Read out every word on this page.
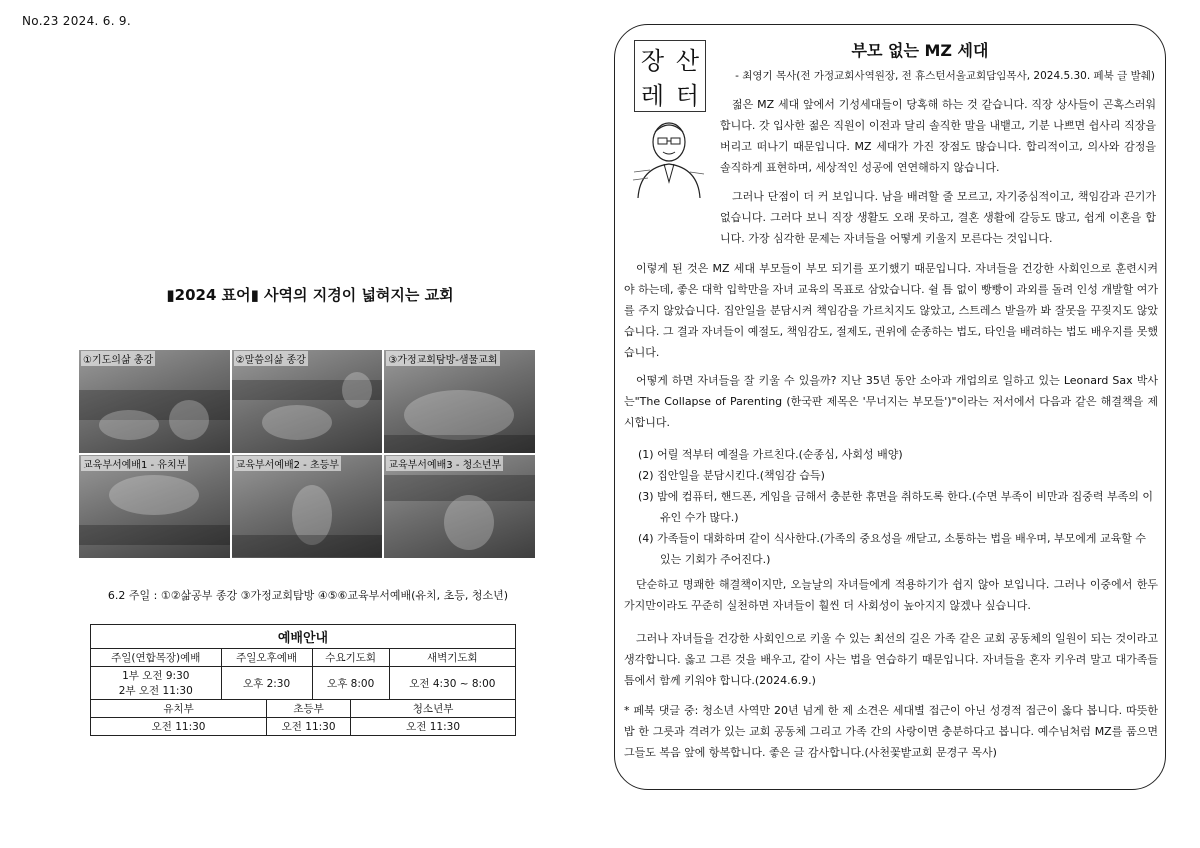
No.23 2024. 6. 9.
▮2024 표어▮ 사역의 지경이 넓혀지는 교회
①기도의삶 총강	②말씀의삶 종강	③가정교회탐방-샘물교회
교육부서예배1 - 유치부	교육부서예배2 - 초등부	교육부서예배3 - 청소년부
6.2 주일 : ①②삶공부 종강 ③가정교회탐방 ④⑤⑥교육부서예배(유치, 초등, 청소년)
예배안내					
주일(연합목장)예배	주일오후예배		수요기도회		새벽기도회

1부 오전 9:30
2부 오전 11:30	오후 2:30		오후 8:00		오전 4:30 ~ 8:00
유치부		초등부		청소년부	
오전 11:30		오전 11:30		오전 11:30	
장 산
레 터
부모 없는 MZ 세대
- 최영기 목사(전 가정교회사역원장, 전 휴스턴서울교회담임목사, 2024.5.30. 페북 글 발췌)

젊은 MZ 세대 앞에서 기성세대들이 당혹해 하는 것 같습니다. 직장 상사들이 곤혹스러워 합니다. 갓 입사한 젊은 직원이 이전과 달리 솔직한 말을 내뱉고, 기분 나쁘면 쉽사리 직장을 버리고 떠나기 때문입니다. MZ 세대가 가진 장점도 많습니다. 합리적이고, 의사와 감정을 솔직하게 표현하며, 세상적인 성공에 연연해하지 않습니다.

그러나 단점이 더 커 보입니다. 남을 배려할 줄 모르고, 자기중심적이고, 책임감과 끈기가 없습니다. 그러다 보니 직장 생활도 오래 못하고, 결혼 생활에 갈등도 많고, 쉽게 이혼을 합니다. 가장 심각한 문제는 자녀들을 어떻게 키울지 모른다는 것입니다.

이렇게 된 것은 MZ 세대 부모들이 부모 되기를 포기했기 때문입니다. 자녀들을 건강한 사회인으로 훈련시켜야 하는데, 좋은 대학 입학만을 자녀 교육의 목표로 삼았습니다. 쉴 틈 없이 빵빵이 과외를 돌려 인성 개발할 여가를 주지 않았습니다. 집안일을 분담시켜 책임감을 가르치지도 않았고, 스트레스 받을까 봐 잘못을 꾸짖지도 않았습니다. 그 결과 자녀들이 예절도, 책임감도, 절제도, 권위에 순종하는 법도, 타인을 배려하는 법도 배우지를 못했습니다.

어떻게 하면 자녀들을 잘 키울 수 있을까? 지난 35년 동안 소아과 개업의로 일하고 있는 Leonard Sax 박사는"The Collapse of Parenting (한국판 제목은 '무너지는 부모들')"이라는 저서에서 다음과 같은 해결책을 제시합니다.

(1) 어릴 적부터 예절을 가르친다.(순종심, 사회성 배양)
(2) 집안일을 분담시킨다.(책임감 습득)
(3) 밤에 컴퓨터, 핸드폰, 게임을 금해서 충분한 휴면을 취하도록 한다.(수면 부족이 비만과 집중력 부족의 이유인 수가 많다.)
(4) 가족들이 대화하며 같이 식사한다.(가족의 중요성을 깨닫고, 소통하는 법을 배우며, 부모에게 교육할 수 있는 기회가 주어진다.)

단순하고 명쾌한 해결책이지만, 오늘날의 자녀들에게 적용하기가 쉽지 않아 보입니다. 그러나 이중에서 한두 가지만이라도 꾸준히 실천하면 자녀들이 훨씬 더 사회성이 높아지지 않겠나 싶습니다.

그러나 자녀들을 건강한 사회인으로 키울 수 있는 최선의 길은 가족 같은 교회 공동체의 일원이 되는 것이라고 생각합니다. 옳고 그른 것을 배우고, 같이 사는 법을 연습하기 때문입니다. 자녀들을 혼자 키우려 말고 대가족들 틈에서 함께 키워야 합니다.(2024.6.9.)

* 페북 댓글 중: 청소년 사역만 20년 넘게 한 제 소견은 세대별 접근이 아닌 성경적 접근이 옳다 봅니다. 따뜻한 밥 한 그릇과 격려가 있는 교회 공동체 그리고 가족 간의 사랑이면 충분하다고 봅니다. 예수님처럼 MZ를 품으면 그들도 복음 앞에 항복합니다. 좋은 글 감사합니다.(사천꽃밭교회 문경구 목사)
